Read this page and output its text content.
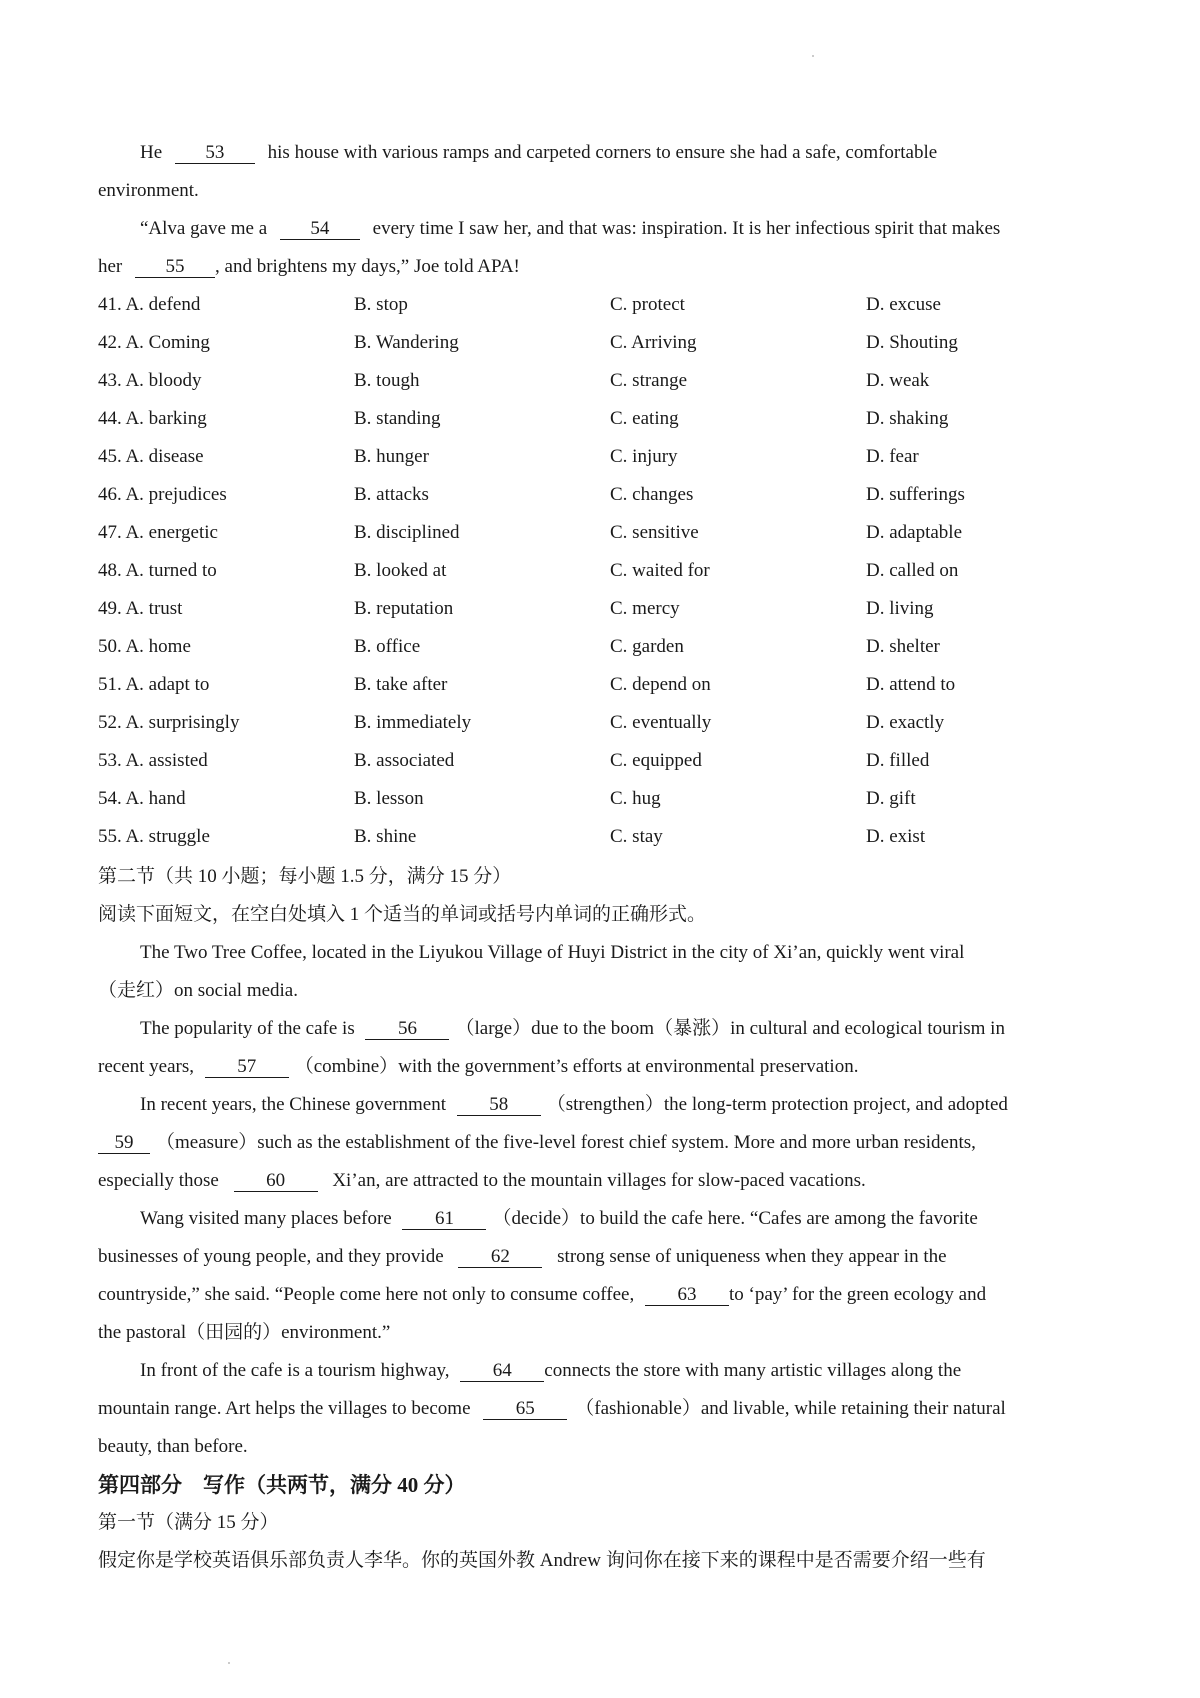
He 53 his house with various ramps and carpeted corners to ensure she had a safe, comfortable
environment.
“Alva gave me a 54 every time I saw her, and that was: inspiration. It is her infectious spirit that makes
her 55 , and brightens my days,” Joe told APA!
41. A. defend	B. stop	C. protect	D. excuse
42. A. Coming	B. Wandering	C. Arriving	D. Shouting
43. A. bloody	B. tough	C. strange	D. weak
44. A. barking	B. standing	C. eating	D. shaking
45. A. disease	B. hunger	C. injury	D. fear
46. A. prejudices	B. attacks	C. changes	D. sufferings
47. A. energetic	B. disciplined	C. sensitive	D. adaptable
48. A. turned to	B. looked at	C. waited for	D. called on
49. A. trust	B. reputation	C. mercy	D. living
50. A. home	B. office	C. garden	D. shelter
51. A. adapt to	B. take after	C. depend on	D. attend to
52. A. surprisingly	B. immediately	C. eventually	D. exactly
53. A. assisted	B. associated	C. equipped	D. filled
54. A. hand	B. lesson	C. hug	D. gift
55. A. struggle	B. shine	C. stay	D. exist
第二节（共 10 小题；每小题 1.5 分，满分 15 分）
阅读下面短文，在空白处填入 1 个适当的单词或括号内单词的正确形式。
The Two Tree Coffee, located in the Liyukou Village of Huyi District in the city of Xi’an, quickly went viral
（走红）on social media.
The popularity of the cafe is 56 （large）due to the boom（暴涨）in cultural and ecological tourism in
recent years, 57 （combine）with the government’s efforts at environmental preservation.
In recent years, the Chinese government 58 （strengthen）the long-term protection project, and adopted
59 （measure）such as the establishment of the five-level forest chief system. More and more urban residents,
especially those 60 Xi’an, are attracted to the mountain villages for slow-paced vacations.
Wang visited many places before 61 （decide）to build the cafe here. “Cafes are among the favorite
businesses of young people, and they provide 62 strong sense of uniqueness when they appear in the
countryside,” she said. “People come here not only to consume coffee, 63 to ‘pay’ for the green ecology and
the pastoral（田园的）environment.”
In front of the cafe is a tourism highway, 64 connects the store with many artistic villages along the
mountain range. Art helps the villages to become 65 （fashionable）and livable, while retaining their natural
beauty, than before.
第四部分　写作（共两节，满分 40 分）
第一节（满分 15 分）
假定你是学校英语俱乐部负责人李华。你的英国外教 Andrew 询问你在接下来的课程中是否需要介绍一些有
